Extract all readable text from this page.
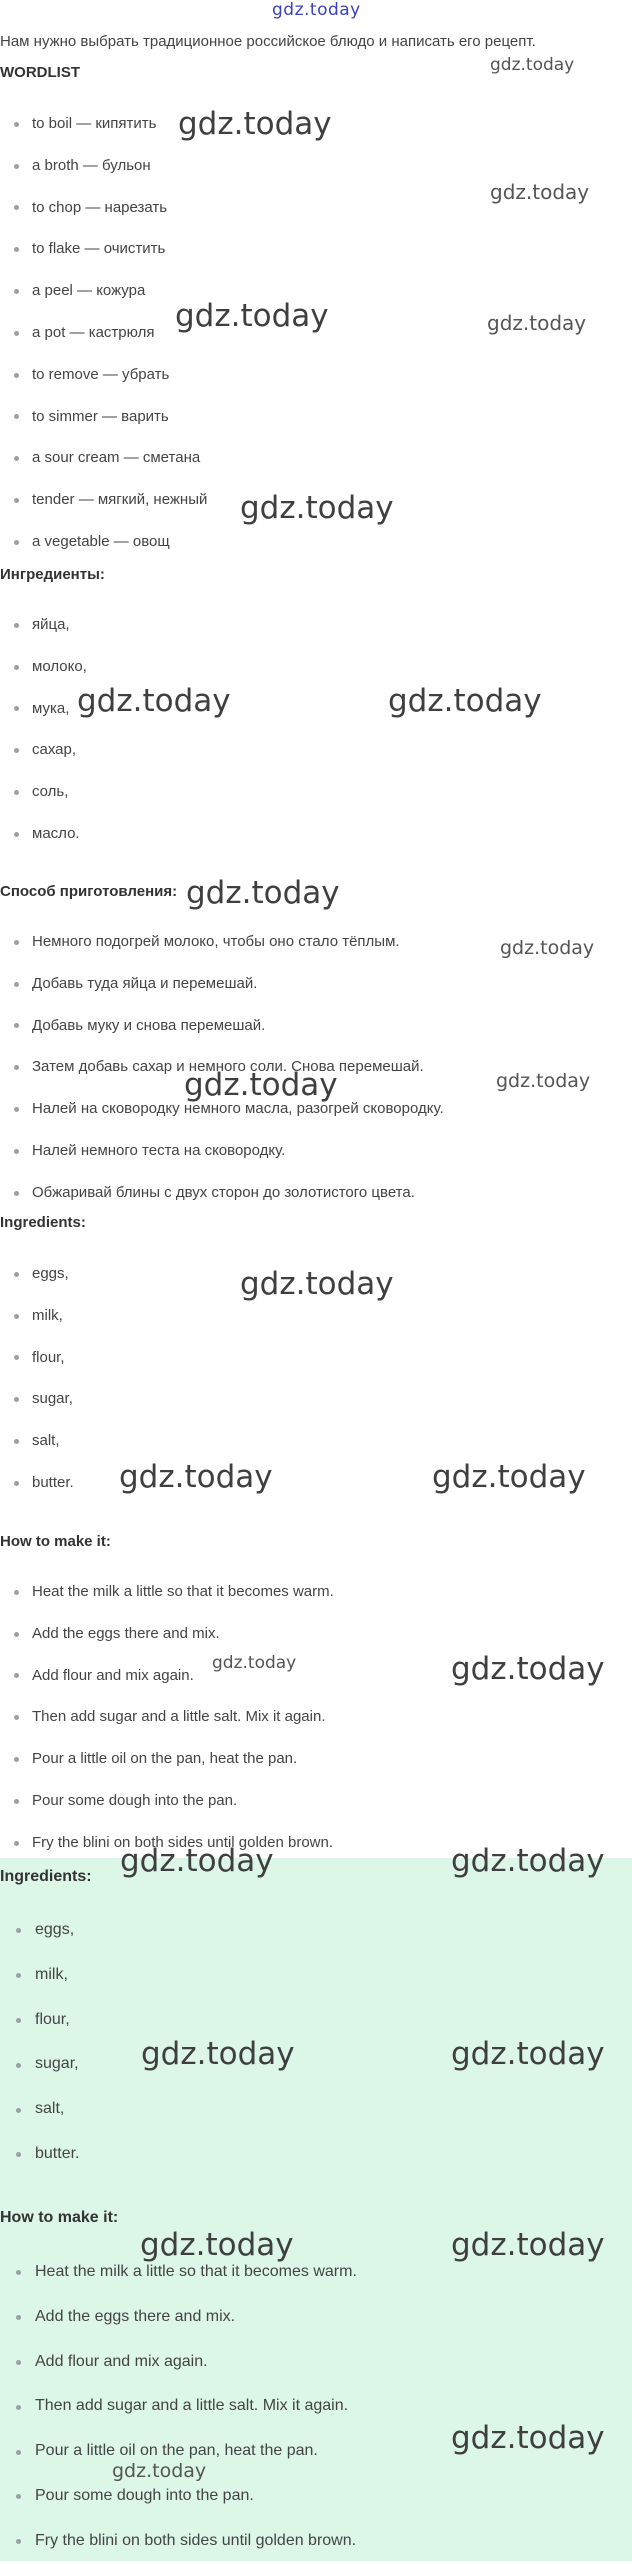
gdz.today
Нам нужно выбрать традиционное российское блюдо и написать его рецепт.
WORDLIST
to boil — кипятить
a broth — бульон
to chop — нарезать
to flake — очистить
a peel — кожура
a pot — кастрюля
to remove — убрать
to simmer — варить
a sour cream — сметана
tender — мягкий, нежный
a vegetable — овощ
Ингредиенты:
яйца,
молоко,
мука,
сахар,
соль,
масло.
Способ приготовления:
Немного подогрей молоко, чтобы оно стало тёплым.
Добавь туда яйца и перемешай.
Добавь муку и снова перемешай.
Затем добавь сахар и немного соли. Снова перемешай.
Налей на сковородку немного масла, разогрей сковородку.
Налей немного теста на сковородку.
Обжаривай блины с двух сторон до золотистого цвета.
Ingredients:
eggs,
milk,
flour,
sugar,
salt,
butter.
How to make it:
Heat the milk a little so that it becomes warm.
Add the eggs there and mix.
Add flour and mix again.
Then add sugar and a little salt. Mix it again.
Pour a little oil on the pan, heat the pan.
Pour some dough into the pan.
Fry the blini on both sides until golden brown.
Ingredients:
eggs,
milk,
flour,
sugar,
salt,
butter.
How to make it:
Heat the milk a little so that it becomes warm.
Add the eggs there and mix.
Add flour and mix again.
Then add sugar and a little salt. Mix it again.
Pour a little oil on the pan, heat the pan.
Pour some dough into the pan.
Fry the blini on both sides until golden brown.
gdz.today
gdz.today
gdz.today
gdz.today	gdz.today
gdz.today
gdz.today	gdz.today
gdz.today
gdz.today
gdz.today	gdz.today
gdz.today
gdz.today	gdz.today
gdz.today	gdz.today
gdz.today	gdz.today
gdz.today	gdz.today
gdz.today	gdz.today
gdz.today
gdz.today
